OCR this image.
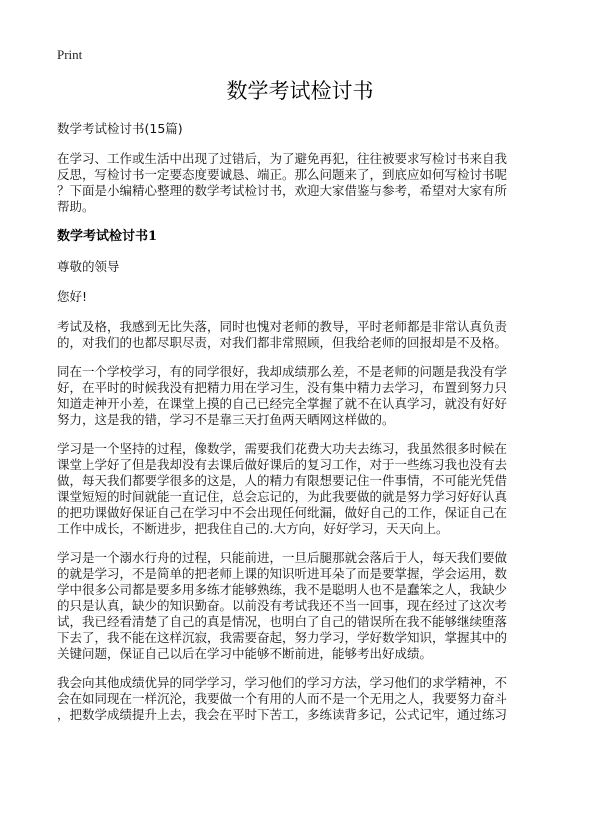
Print
数学考试检讨书
数学考试检讨书(15篇)
在学习、工作或生活中出现了过错后，为了避免再犯，往往被要求写检讨书来自我
反思，写检讨书一定要态度要诚恳、端正。那么问题来了，到底应如何写检讨书呢
？下面是小编精心整理的数学考试检讨书，欢迎大家借鉴与参考，希望对大家有所
帮助。
数学考试检讨书1
尊敬的领导
您好!
考试及格，我感到无比失落，同时也愧对老师的教导，平时老师都是非常认真负责
的，对我们的也都尽职尽责，对我们都非常照顾，但我给老师的回报却是不及格。
同在一个学校学习，有的同学很好，我却成绩那么差，不是老师的问题是我没有学
好，在平时的时候我没有把精力用在学习生，没有集中精力去学习，布置到努力只
知道走神开小差，在课堂上摸的自己已经完全掌握了就不在认真学习，就没有好好
努力，这是我的错，学习不是靠三天打鱼两天晒网这样做的。
学习是一个坚持的过程，像数学，需要我们花费大功夫去练习，我虽然很多时候在
课堂上学好了但是我却没有去课后做好课后的复习工作，对于一些练习我也没有去
做，每天我们都要学很多的这是，人的精力有限想要记住一件事情，不可能光凭借
课堂短短的时间就能一直记住，总会忘记的，为此我要做的就是努力学习好好认真
的把功课做好保证自己在学习中不会出现任何纰漏，做好自己的工作，保证自己在
工作中成长，不断进步，把我住自己的.大方向，好好学习，天天向上。
学习是一个溺水行舟的过程，只能前进，一旦后腿那就会落后于人，每天我们要做
的就是学习，不是简单的把老师上课的知识听进耳朵了而是要掌握，学会运用，数
学中很多公司都是要多用多练才能够熟练，我不是聪明人也不是蠢笨之人，我缺少
的只是认真，缺少的知识勤奋。以前没有考试我还不当一回事，现在经过了这次考
试，我已经看清楚了自己的真是情况，也明白了自己的错误所在我不能够继续堕落
下去了，我不能在这样沉寂，我需要奋起，努力学习，学好数学知识，掌握其中的
关键问题，保证自己以后在学习中能够不断前进，能够考出好成绩。
我会向其他成绩优异的同学学习，学习他们的学习方法，学习他们的求学精神，不
会在如同现在一样沉沦，我要做一个有用的人而不是一个无用之人，我要努力奋斗
，把数学成绩提升上去，我会在平时下苦工，多练读背多记，公式记牢，通过练习
